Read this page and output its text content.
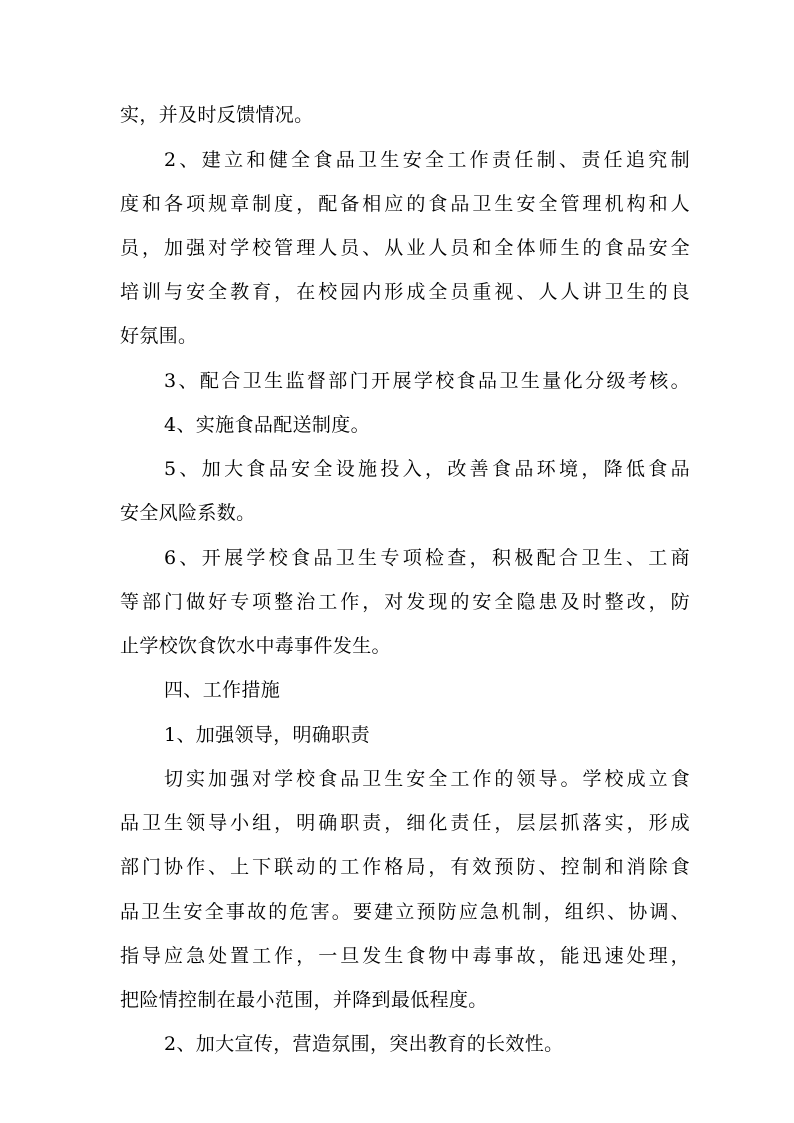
实，并及时反馈情况。
2、建立和健全食品卫生安全工作责任制、责任追究制
度和各项规章制度，配备相应的食品卫生安全管理机构和人
员，加强对学校管理人员、从业人员和全体师生的食品安全
培训与安全教育，在校园内形成全员重视、人人讲卫生的良
好氛围。
3、配合卫生监督部门开展学校食品卫生量化分级考核。
4、实施食品配送制度。
5、加大食品安全设施投入，改善食品环境，降低食品
安全风险系数。
6、开展学校食品卫生专项检查，积极配合卫生、工商
等部门做好专项整治工作，对发现的安全隐患及时整改，防
止学校饮食饮水中毒事件发生。
四、工作措施
1、加强领导，明确职责
切实加强对学校食品卫生安全工作的领导。学校成立食
品卫生领导小组，明确职责，细化责任，层层抓落实，形成
部门协作、上下联动的工作格局，有效预防、控制和消除食
品卫生安全事故的危害。要建立预防应急机制，组织、协调、
指导应急处置工作，一旦发生食物中毒事故，能迅速处理，
把险情控制在最小范围，并降到最低程度。
2、加大宣传，营造氛围，突出教育的长效性。
